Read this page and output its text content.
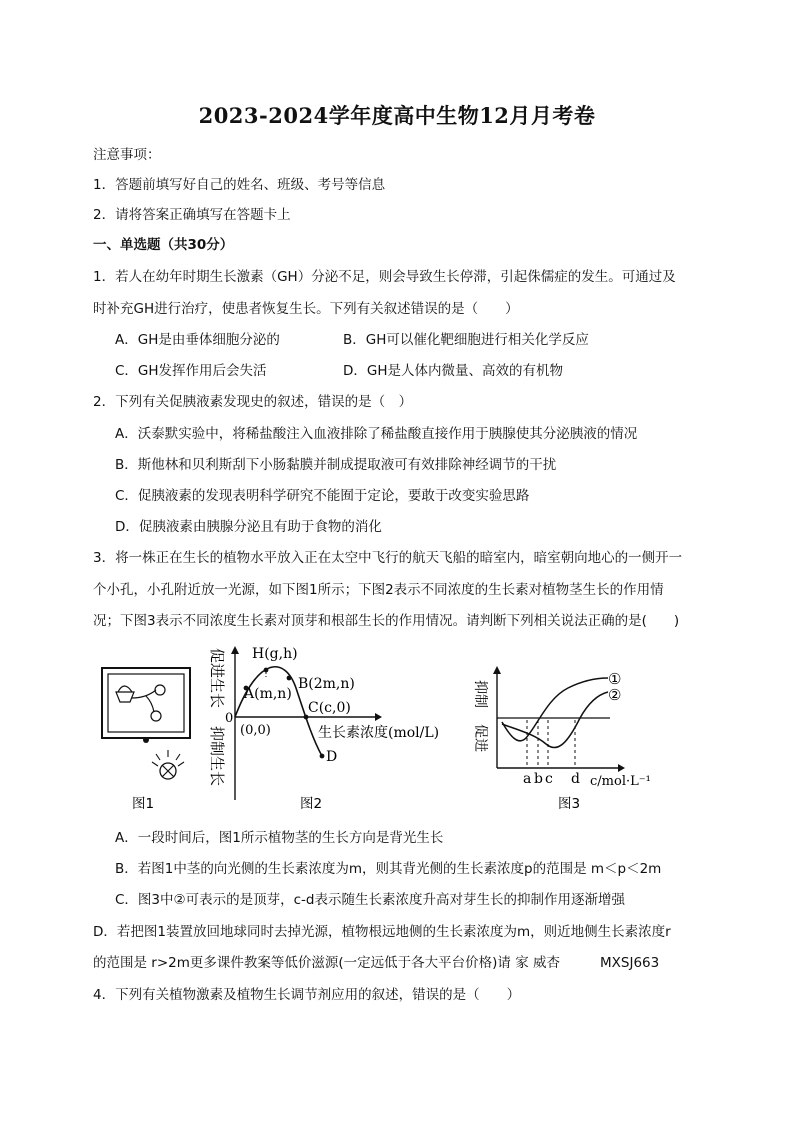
2023-2024学年度高中生物12月月考卷
注意事项：
1．答题前填写好自己的姓名、班级、考号等信息
2．请将答案正确填写在答题卡上
一、单选题（共30分）
1．若人在幼年时期生长激素（GH）分泌不足，则会导致生长停滞，引起侏儒症的发生。可通过及
时补充GH进行治疗，使患者恢复生长。下列有关叙述错误的是（　　）
A．GH是由垂体细胞分泌的	B．GH可以催化靶细胞进行相关化学反应
C．GH发挥作用后会失活	D．GH是人体内微量、高效的有机物
2．下列有关促胰液素发现史的叙述，错误的是（　）
A．沃泰默实验中，将稀盐酸注入血液排除了稀盐酸直接作用于胰腺使其分泌胰液的情况
B．斯他林和贝利斯刮下小肠黏膜并制成提取液可有效排除神经调节的干扰
C．促胰液素的发现表明科学研究不能囿于定论，要敢于改变实验思路
D．促胰液素由胰腺分泌且有助于食物的消化
3．将一株正在生长的植物水平放入正在太空中飞行的航天飞船的暗室内，暗室朝向地心的一侧开一
个小孔，小孔附近放一光源，如下图1所示；下图2表示不同浓度的生长素对植物茎生长的作用情
况；下图3表示不同浓度生长素对顶芽和根部生长的作用情况。请判断下列相关说法正确的是(　　)
图1
促进生长
抑制生长
0
H(g,h)
A(m,n)
B(2m,n)
C(c,0)
(0,0)
D
生长素浓度(mol/L)
图2
抑制
促进
①
②
a b c d c/mol·L⁻¹
图3
A．一段时间后，图1所示植物茎的生长方向是背光生长
B．若图1中茎的向光侧的生长素浓度为m，则其背光侧的生长素浓度p的范围是 m＜p＜2m
C．图3中②可表示的是顶芽，c-d表示随生长素浓度升高对芽生长的抑制作用逐渐增强
D．若把图1装置放回地球同时去掉光源，植物根远地侧的生长素浓度为m，则近地侧生长素浓度r
的范围是 r>2m更多课件教案等低价滋源(一定远低于各大平台价格)请 家 威杏	MXSJ663
4．下列有关植物激素及植物生长调节剂应用的叙述，错误的是（　　）
